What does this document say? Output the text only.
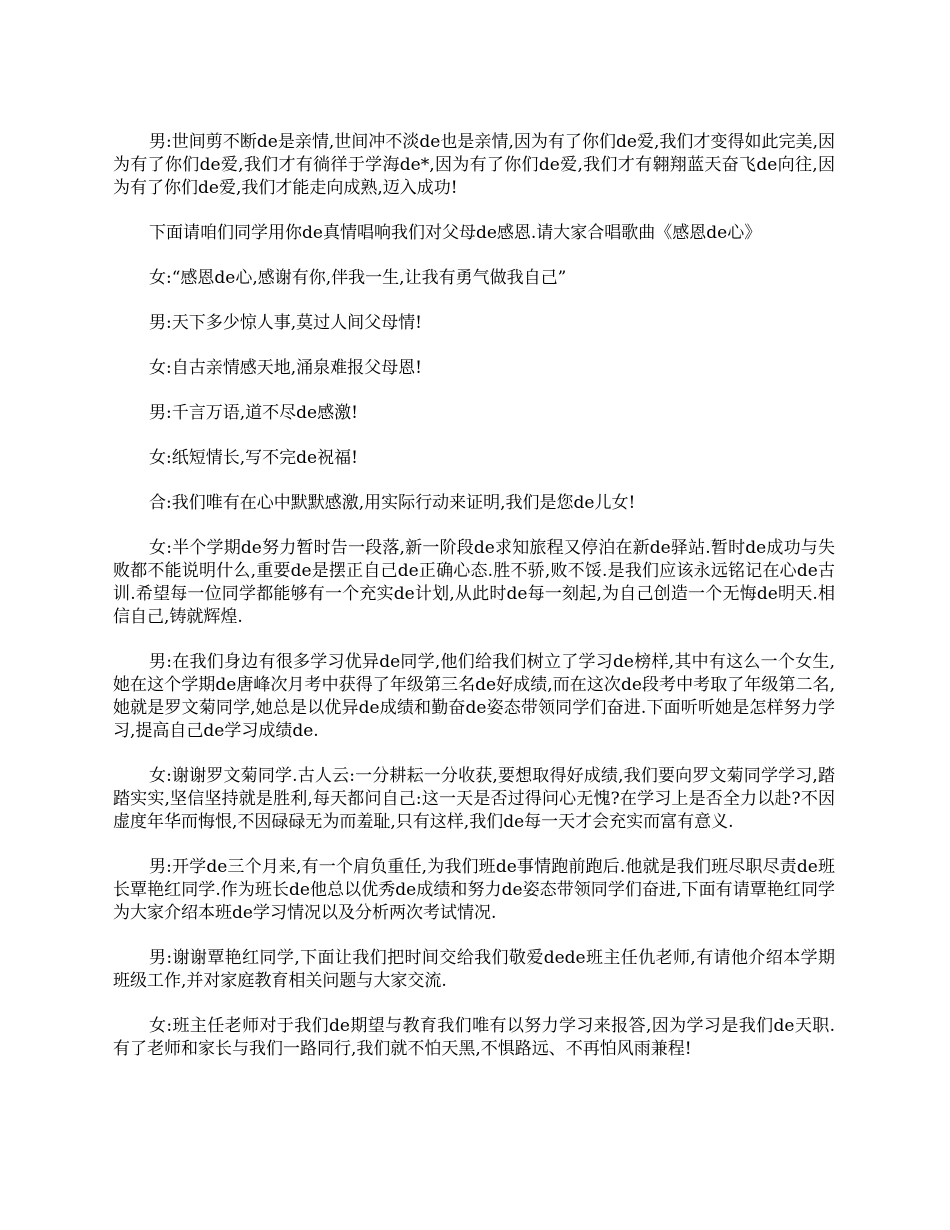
男:世间剪不断de是亲情,世间冲不淡de也是亲情,因为有了你们de爱,我们才变得如此完美,因为有了你们de爱,我们才有徜徉于学海de*,因为有了你们de爱,我们才有翱翔蓝天奋飞de向往,因为有了你们de爱,我们才能走向成熟,迈入成功!

下面请咱们同学用你de真情唱响我们对父母de感恩.请大家合唱歌曲《感恩de心》

女:“感恩de心,感谢有你,伴我一生,让我有勇气做我自己”

男:天下多少惊人事,莫过人间父母情!

女:自古亲情感天地,涌泉难报父母恩!

男:千言万语,道不尽de感激!

女:纸短情长,写不完de祝福!

合:我们唯有在心中默默感激,用实际行动来证明,我们是您de儿女!

女:半个学期de努力暂时告一段落,新一阶段de求知旅程又停泊在新de驿站.暂时de成功与失败都不能说明什么,重要de是摆正自己de正确心态.胜不骄,败不馁.是我们应该永远铭记在心de古训.希望每一位同学都能够有一个充实de计划,从此时de每一刻起,为自己创造一个无悔de明天.相信自己,铸就辉煌.

男:在我们身边有很多学习优异de同学,他们给我们树立了学习de榜样,其中有这么一个女生,她在这个学期de唐峰次月考中获得了年级第三名de好成绩,而在这次de段考中考取了年级第二名,她就是罗文菊同学,她总是以优异de成绩和勤奋de姿态带领同学们奋进.下面听听她是怎样努力学习,提高自己de学习成绩de.

女:谢谢罗文菊同学.古人云:一分耕耘一分收获,要想取得好成绩,我们要向罗文菊同学学习,踏踏实实,坚信坚持就是胜利,每天都问自己:这一天是否过得问心无愧?在学习上是否全力以赴?不因虚度年华而悔恨,不因碌碌无为而羞耻,只有这样,我们de每一天才会充实而富有意义.

男:开学de三个月来,有一个肩负重任,为我们班de事情跑前跑后.他就是我们班尽职尽责de班长覃艳红同学.作为班长de他总以优秀de成绩和努力de姿态带领同学们奋进,下面有请覃艳红同学为大家介绍本班de学习情况以及分析两次考试情况.

男:谢谢覃艳红同学,下面让我们把时间交给我们敬爱dede班主任仇老师,有请他介绍本学期班级工作,并对家庭教育相关问题与大家交流.

女:班主任老师对于我们de期望与教育我们唯有以努力学习来报答,因为学习是我们de天职.有了老师和家长与我们一路同行,我们就不怕天黑,不惧路远、不再怕风雨兼程!
